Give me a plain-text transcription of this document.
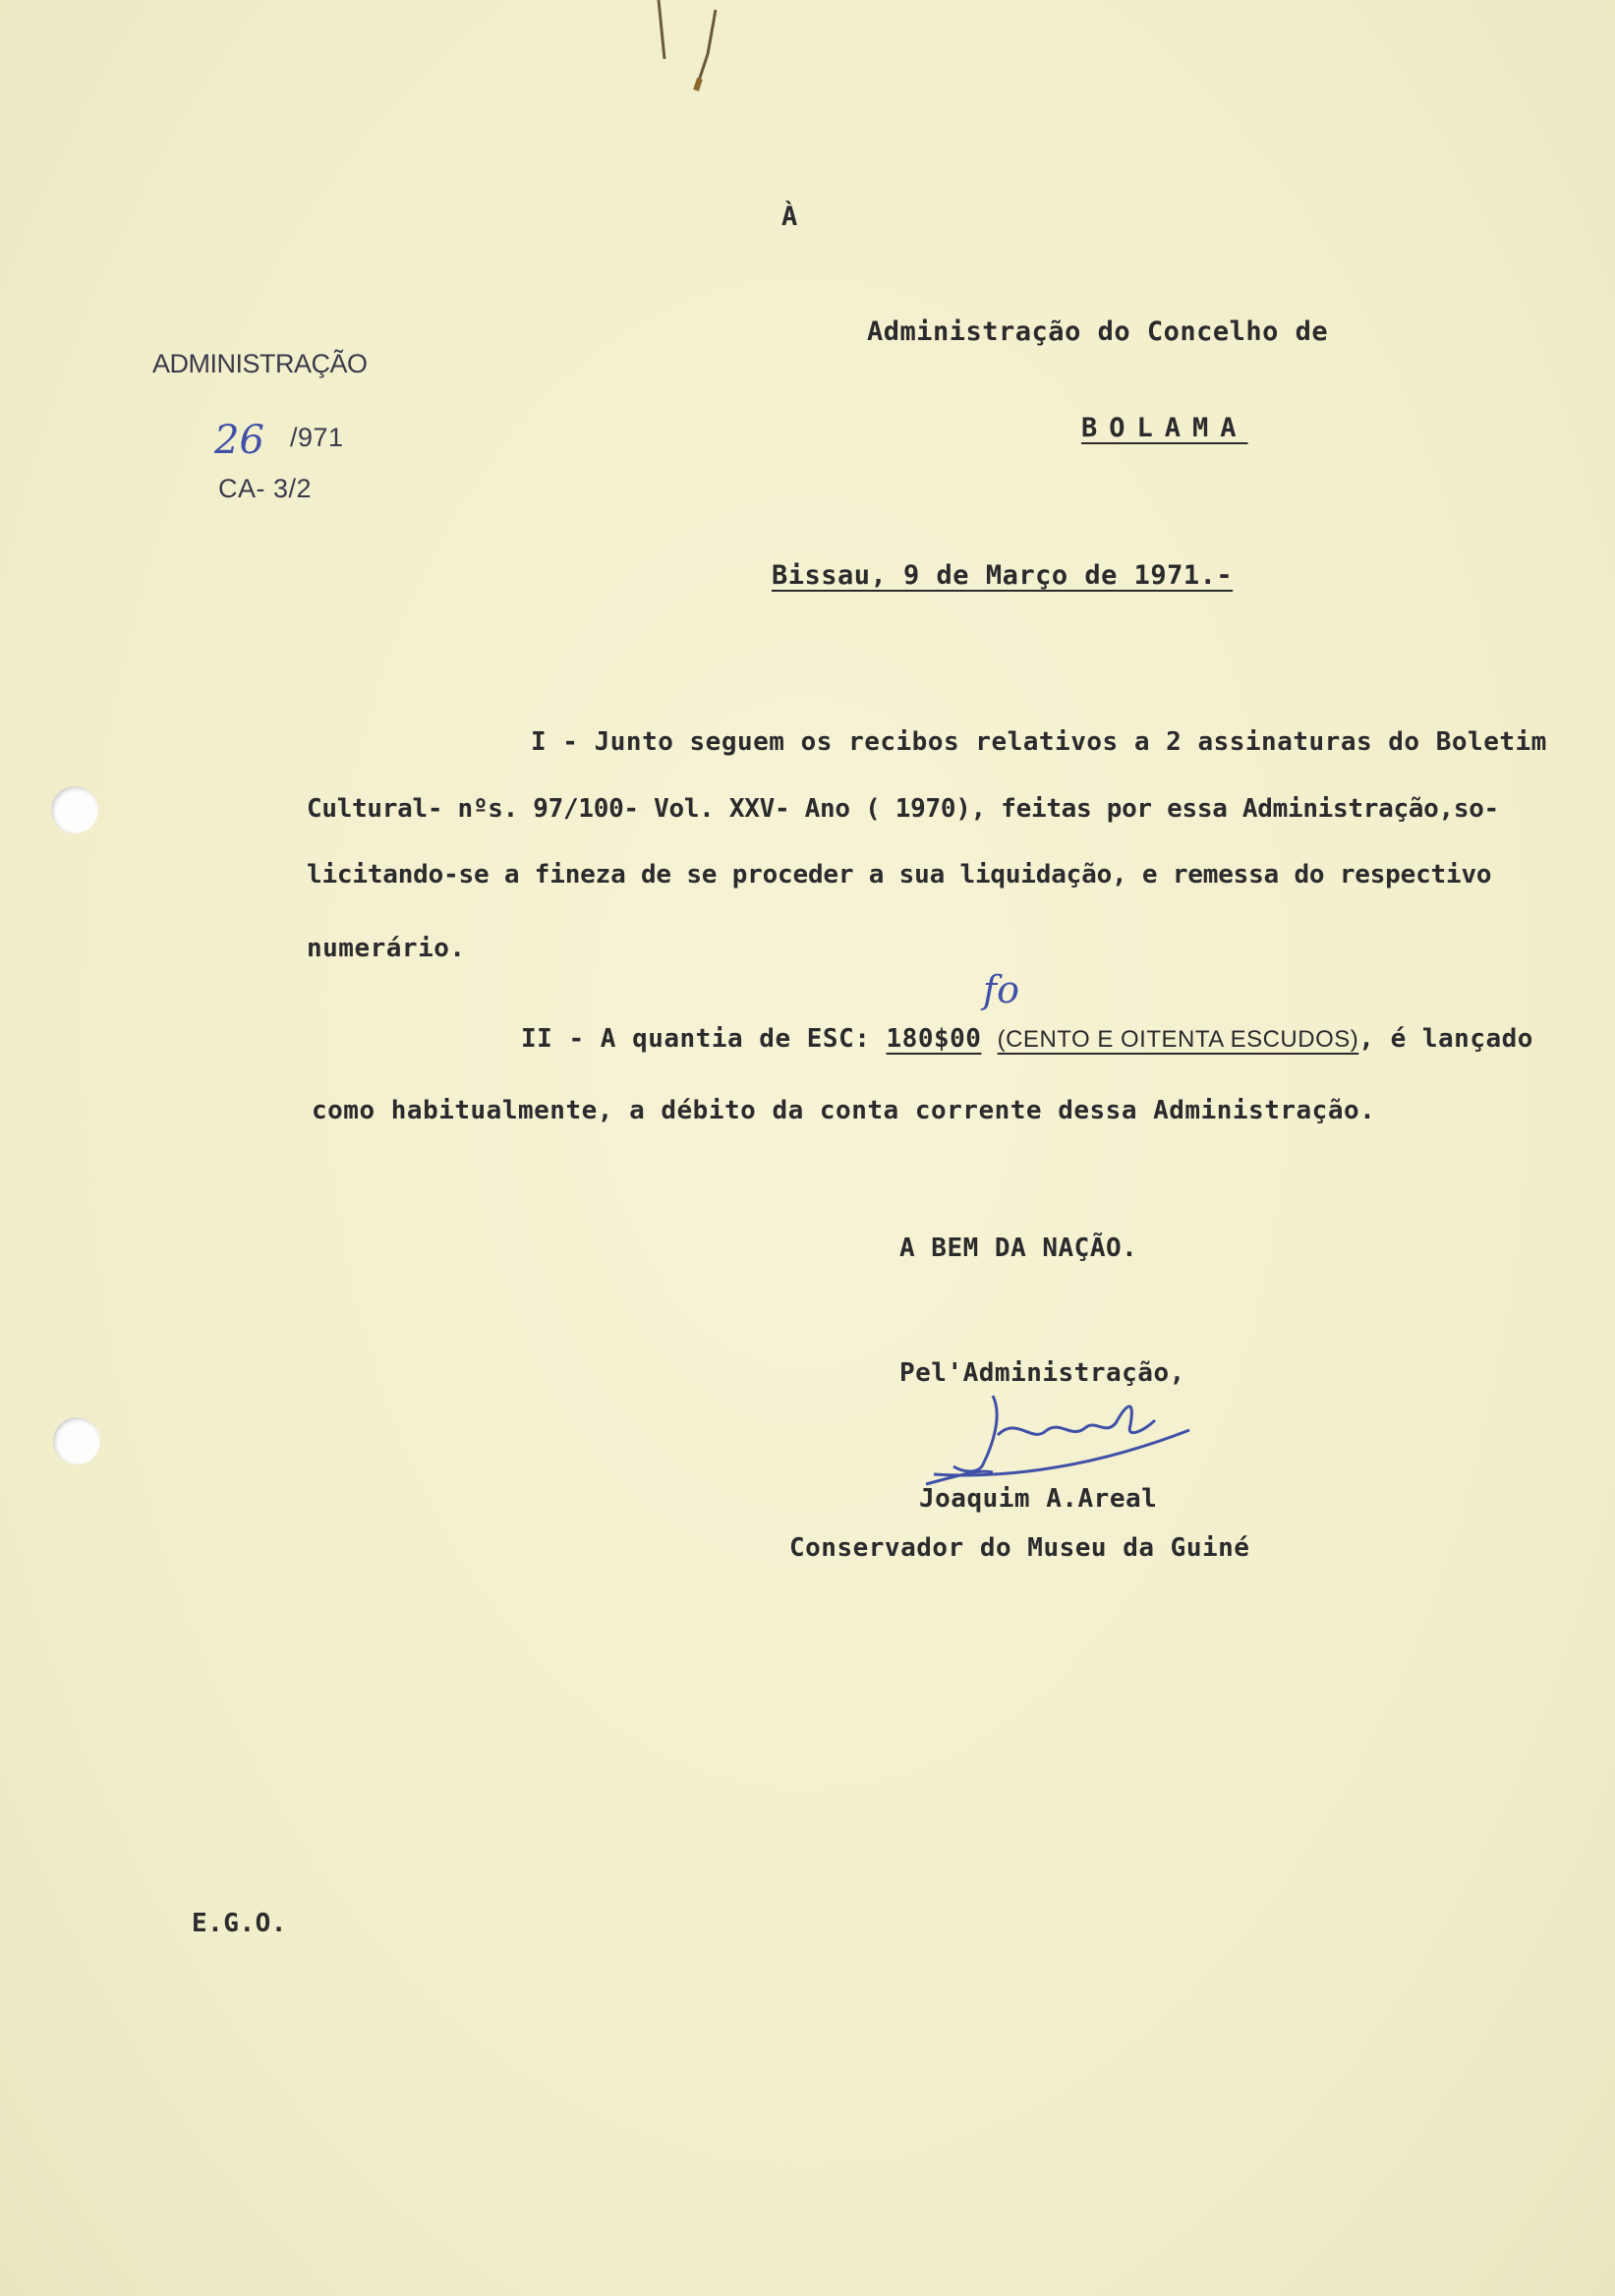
À
Administração do Concelho de
BOLAMA
ADMINISTRAÇÃO
26 /971
CA- 3/2
Bissau, 9 de Março de 1971.-
I - Junto seguem os recibos relativos a 2 assinaturas do Boletim
Cultural- nºs. 97/100- Vol. XXV- Ano ( 1970), feitas por essa Administração,so-
licitando-se a fineza de se proceder a sua liquidação, e remessa do respectivo
numerário.
fo
II - A quantia de ESC: 180$00 (CENTO E OITENTA ESCUDOS), é lançado
como habitualmente, a débito da conta corrente dessa Administração.
A BEM DA NAÇÃO.
Pel'Administração,
Joaquim A.Areal
Conservador do Museu da Guiné
E.G.O.
